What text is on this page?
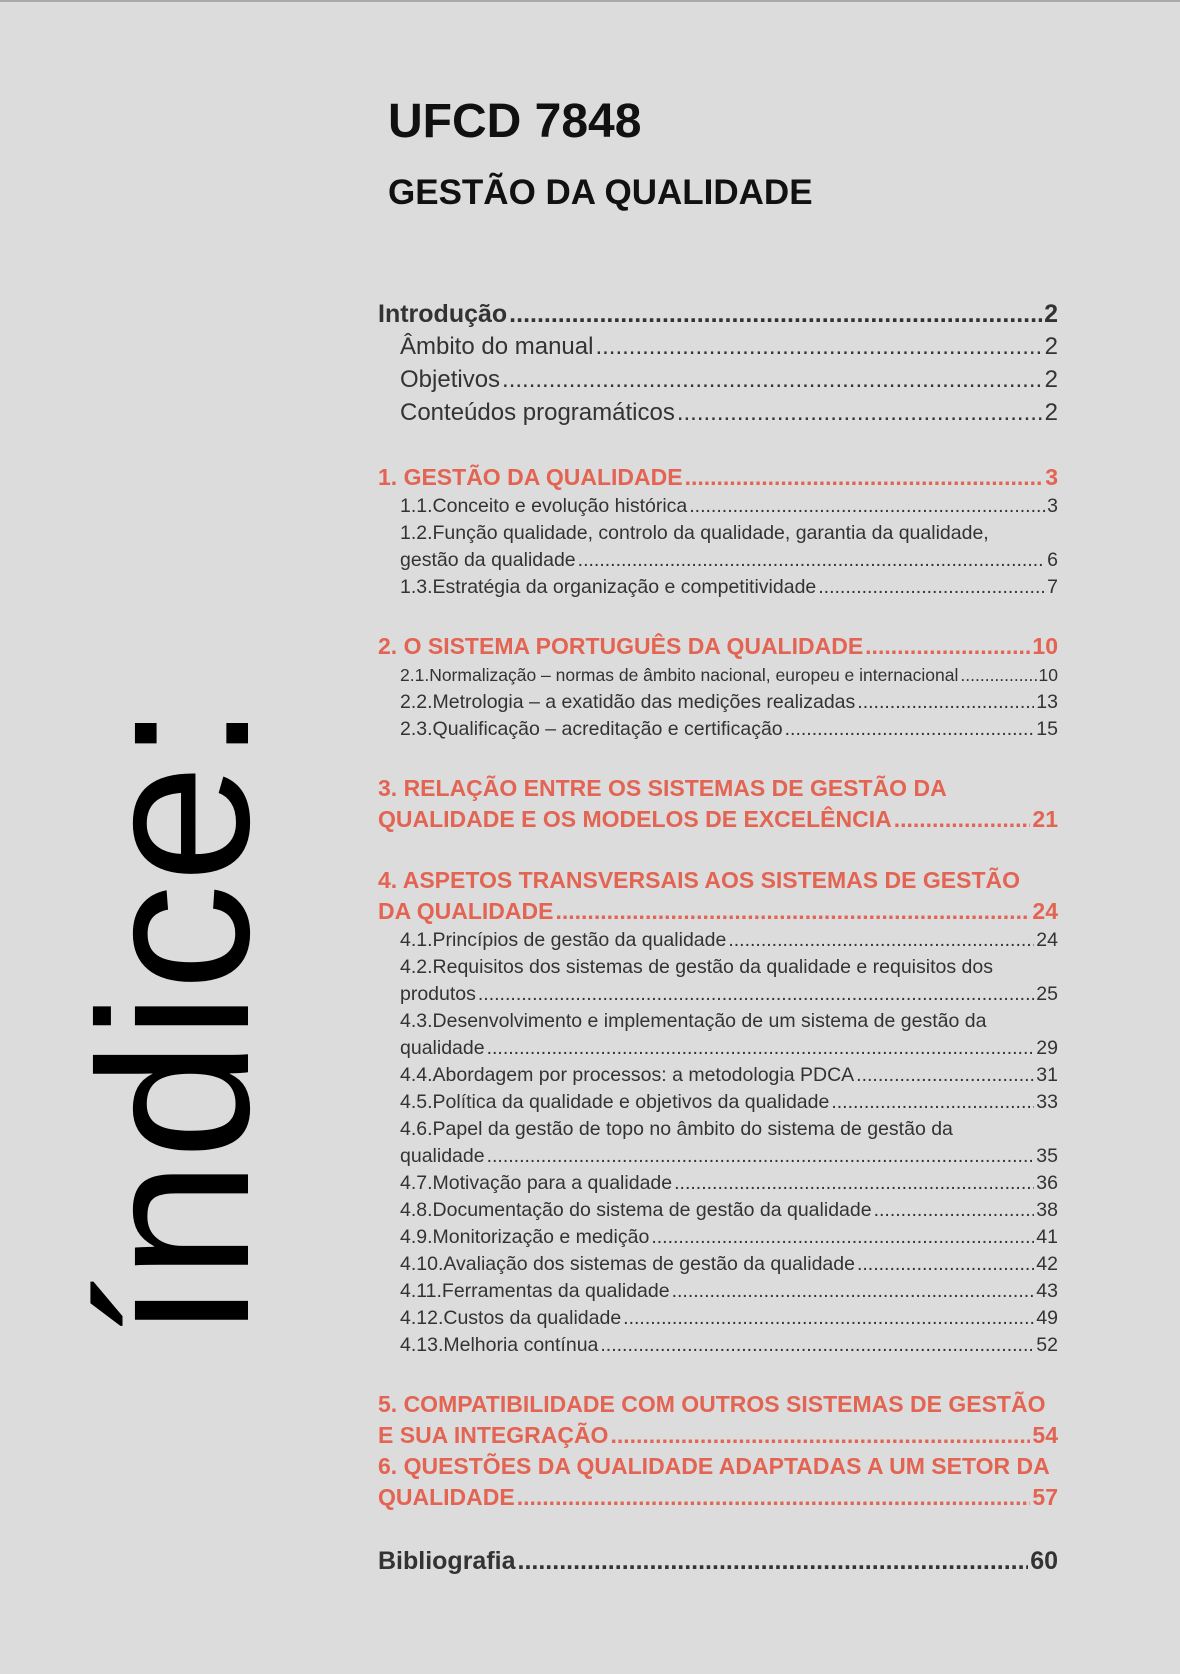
índice:
UFCD 7848
GESTÃO DA QUALIDADE
Introdução .....	2
Âmbito do manual .....	2
Objetivos .....	2
Conteúdos programáticos .....	2
1. GESTÃO DA QUALIDADE .....	3
1.1.Conceito e evolução histórica .....	3
1.2.Função qualidade, controlo da qualidade, garantia da qualidade,
gestão da qualidade .....	6
1.3.Estratégia da organização e competitividade .....	7
2. O SISTEMA PORTUGUÊS DA QUALIDADE .....	10
2.1.Normalização – normas de âmbito nacional, europeu e internacional .....	10
2.2.Metrologia – a exatidão das medições realizadas .....	13
2.3.Qualificação – acreditação e certificação .....	15
3. RELAÇÃO ENTRE OS SISTEMAS DE GESTÃO DA
QUALIDADE E OS MODELOS DE EXCELÊNCIA .....	21
4. ASPETOS TRANSVERSAIS AOS SISTEMAS DE GESTÃO
DA QUALIDADE .....	24
4.1.Princípios de gestão da qualidade .....	24
4.2.Requisitos dos sistemas de gestão da qualidade e requisitos dos
produtos .....	25
4.3.Desenvolvimento e implementação de um sistema de gestão da
qualidade .....	29
4.4.Abordagem por processos: a metodologia PDCA .....	31
4.5.Política da qualidade e objetivos da qualidade .....	33
4.6.Papel da gestão de topo no âmbito do sistema de gestão da
qualidade .....	35
4.7.Motivação para a qualidade .....	36
4.8.Documentação do sistema de gestão da qualidade .....	38
4.9.Monitorização e medição .....	41
4.10.Avaliação dos sistemas de gestão da qualidade .....	42
4.11.Ferramentas da qualidade .....	43
4.12.Custos da qualidade .....	49
4.13.Melhoria contínua .....	52
5. COMPATIBILIDADE COM OUTROS SISTEMAS DE GESTÃO
E SUA INTEGRAÇÃO .....	54
6. QUESTÕES DA QUALIDADE ADAPTADAS A UM SETOR DA
QUALIDADE .....	57
Bibliografia .....	60
